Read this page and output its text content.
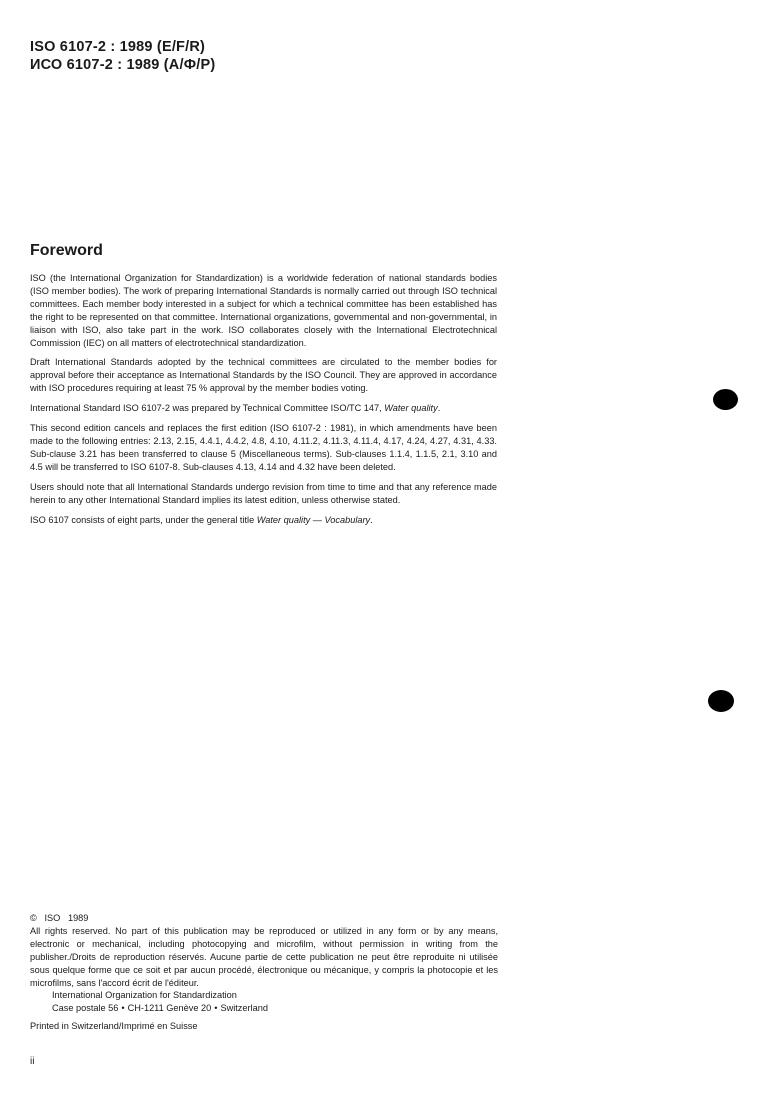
ISO 6107-2 : 1989 (E/F/R)
ИСО 6107-2 : 1989 (А/Ф/Р)
Foreword

ISO (the International Organization for Standardization) is a worldwide federation of national standards bodies (ISO member bodies). The work of preparing International Standards is normally carried out through ISO technical committees. Each member body interested in a subject for which a technical committee has been established has the right to be represented on that committee. International organizations, governmental and non-governmental, in liaison with ISO, also take part in the work. ISO collaborates closely with the International Electrotechnical Commission (IEC) on all matters of electrotechnical standardization.

Draft International Standards adopted by the technical committees are circulated to the member bodies for approval before their acceptance as International Standards by the ISO Council. They are approved in accordance with ISO procedures requiring at least 75 % approval by the member bodies voting.

International Standard ISO 6107-2 was prepared by Technical Committee ISO/TC 147, Water quality.

This second edition cancels and replaces the first edition (ISO 6107-2 : 1981), in which amendments have been made to the following entries: 2.13, 2.15, 4.4.1, 4.4.2, 4.8, 4.10, 4.11.2, 4.11.3, 4.11.4, 4.17, 4.24, 4.27, 4.31, 4.33. Sub-clause 3.21 has been transferred to clause 5 (Miscellaneous terms). Sub-clauses 1.1.4, 1.1.5, 2.1, 3.10 and 4.5 will be transferred to ISO 6107-8. Sub-clauses 4.13, 4.14 and 4.32 have been deleted.

Users should note that all International Standards undergo revision from time to time and that any reference made herein to any other International Standard implies its latest edition, unless otherwise stated.

ISO 6107 consists of eight parts, under the general title Water quality — Vocabulary.

© ISO 1989

All rights reserved. No part of this publication may be reproduced or utilized in any form or by any means, electronic or mechanical, including photocopying and microfilm, without permission in writing from the publisher./Droits de reproduction réservés. Aucune partie de cette publication ne peut être reproduite ni utilisée sous quelque forme que ce soit et par aucun procédé, électronique ou mécanique, y compris la photocopie et les microfilms, sans l'accord écrit de l'éditeur.

International Organization for Standardization

Case postale 56 • CH-1211 Genève 20 • Switzerland

Printed in Switzerland/Imprimé en Suisse

ii
